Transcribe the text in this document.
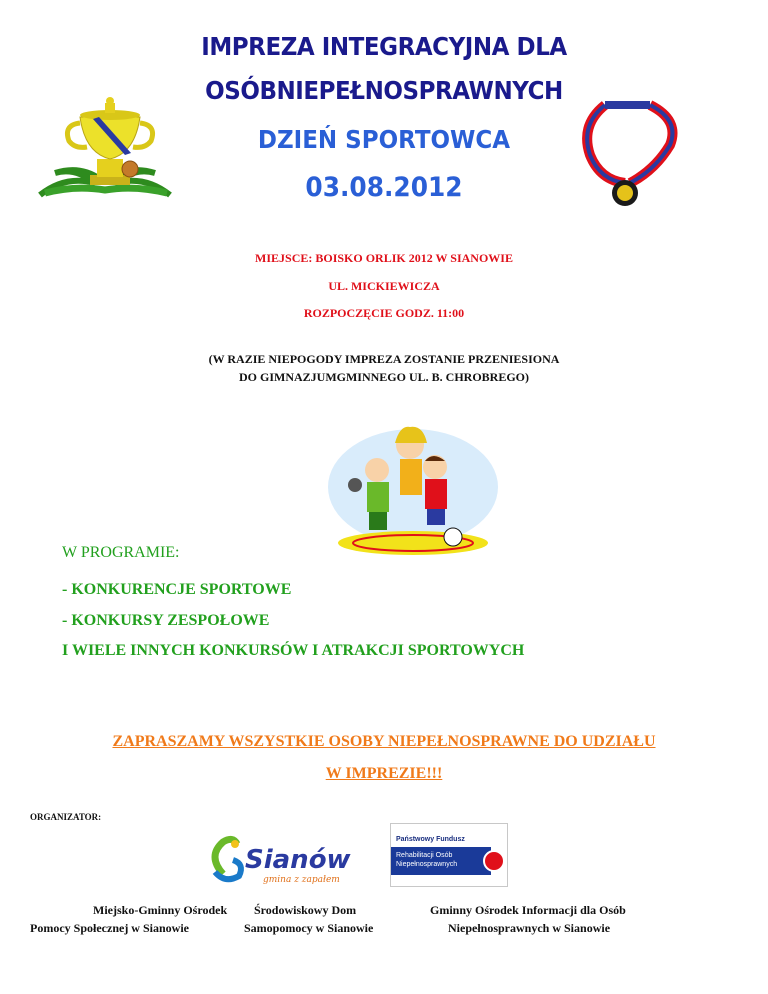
IMPREZA INTEGRACYJNA DLA
OSÓBNIEPEŁNOSPRAWNYCH
DZIEŃ SPORTOWCA
03.08.2012
MIEJSCE: BOISKO ORLIK 2012 W SIANOWIE
UL. MICKIEWICZA
ROZPOCZĘCIE GODZ. 11:00
(W RAZIE NIEPOGODY IMPREZA ZOSTANIE PRZENIESIONA
DO GIMNAZJUMGMINNEGO UL. B. CHROBREGO)
W PROGRAMIE:
- KONKURENCJE SPORTOWE
- KONKURSY ZESPOŁOWE
I WIELE INNYCH KONKURSÓW I ATRAKCJI SPORTOWYCH
ZAPRASZAMY WSZYSTKIE OSOBY NIEPEŁNOSPRAWNE DO UDZIAŁU
W IMPREZIE!!!
ORGANIZATOR:
Sianów
gmina z zapałem
Państwowy Fundusz
Rehabilitacji Osób
Niepełnosprawnych
Miejsko-Gminny Ośrodek
Pomocy Społecznej w Sianowie
Środowiskowy Dom
Samopomocy w Sianowie
Gminny Ośrodek Informacji dla Osób
Niepełnosprawnych w Sianowie
